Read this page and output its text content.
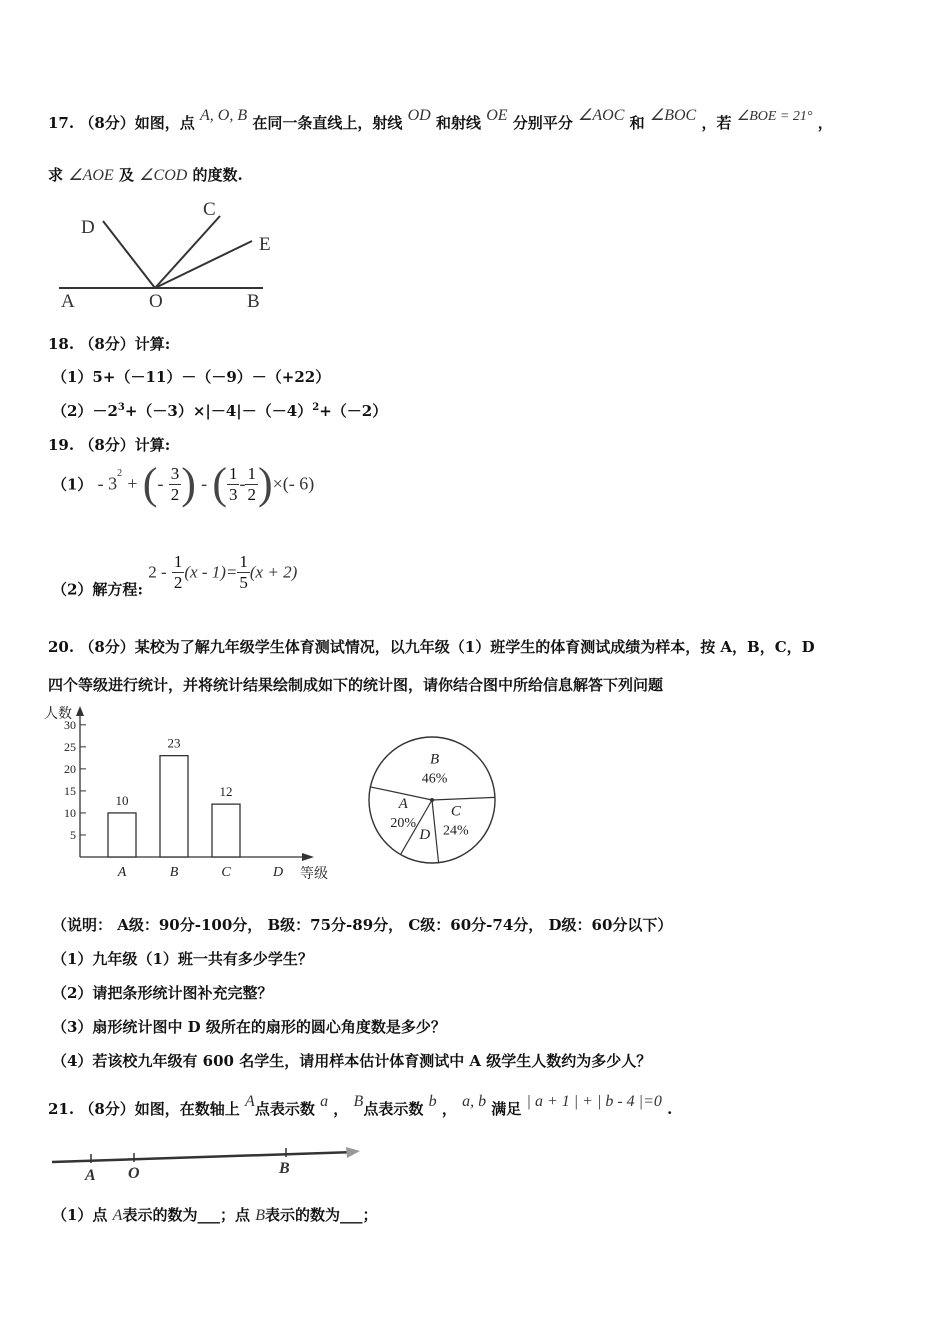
17. （8分）如图，点 A, O, B 在同一条直线上，射线 OD 和射线 OE 分别平分 ∠AOC 和 ∠BOC ，若 ∠BOE = 21° ，
求 ∠AOE 及 ∠COD 的度数.
D
C
E
A	O	B
18. （8分）计算:
（1）5+（－11）－（－9）－（+22）
$(2)-2^3+(-3)\times|-4|-(-4)^2+(-2)$
19. （8分）计算:
$(1) - 3^2$ + (- $\frac{3}{2}$ ) - ( $\frac{1}{3} - \frac{1}{2}$ )×(- 6)
（2）解方程: $2 - \frac{1}{2} (x - 1)= \frac{1}{5} (x + 2)$
20. （8分）某校为了解九年级学生体育测试情况，以九年级（1）班学生的体育测试成绩为样本，按 A，B，C，D
四个等级进行统计，并将统计结果绘制成如下的统计图，请你结合图中所给信息解答下列问题
人数
等级
5
10
15
20
25
30
10
A
23
B
12
C	D
B
46%
C
24%
D
A
20%
（说明： A级：90分-100分， B级：75分-89分， C级：60分-74分， D级：60分以下）
（1）九年级（1）班一共有多少学生？
（2）请把条形统计图补充完整？
（3）扇形统计图中 D 级所在的扇形的圆心角度数是多少？
（4）若该校九年级有 600 名学生，请用样本估计体育测试中 A 级学生人数约为多少人？
21. （8分）如图，在数轴上 A点表示数 a ， B点表示数 b ， a, b 满足 | a + 1 | + | b - 4 |=0 .
A O	B
（1）点 A表示的数为___；点 B表示的数为___；
